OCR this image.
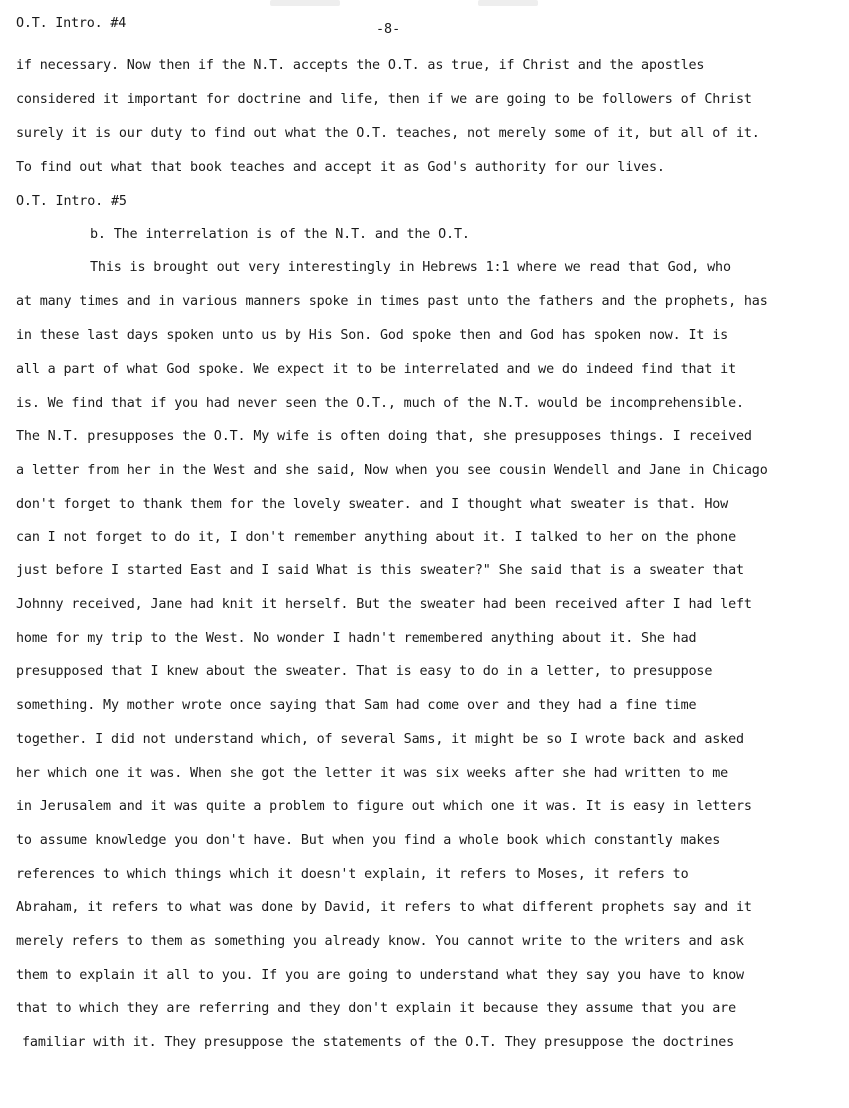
O.T. Intro. #4	-8-
if necessary. Now then if the N.T. accepts the O.T. as true, if Christ and the apostles
considered it important for doctrine and life, then if we are going to be followers of Christ
surely it is our duty to find out what the O.T. teaches, not merely some of it, but all of it.
To find out what that book teaches and accept it as God's authority for our lives.
O.T. Intro. #5
b. The interrelation is of the N.T. and the O.T.
This is brought out very interestingly in Hebrews 1:1 where we read that God, who
at many times and in various manners spoke in times past unto the fathers and the prophets, has
in these last days spoken unto us by His Son. God spoke then and God has spoken now. It is
all a part of what God spoke. We expect it to be interrelated and we do indeed find that it
is. We find that if you had never seen the O.T., much of the N.T. would be incomprehensible.
The N.T. presupposes the O.T. My wife is often doing that, she presupposes things. I received
a letter from her in the West and she said, Now when you see cousin Wendell and Jane in Chicago
don't forget to thank them for the lovely sweater. and I thought what sweater is that. How
can I not forget to do it, I don't remember anything about it. I talked to her on the phone
just before I started East and I said What is this sweater?" She said that is a sweater that
Johnny received, Jane had knit it herself. But the sweater had been received after I had left
home for my trip to the West. No wonder I hadn't remembered anything about it. She had
presupposed that I knew about the sweater. That is easy to do in a letter, to presuppose
something. My mother wrote once saying that Sam had come over and they had a fine time
together. I did not understand which, of several Sams, it might be so I wrote back and asked
her which one it was. When she got the letter it was six weeks after she had written to me
in Jerusalem and it was quite a problem to figure out which one it was. It is easy in letters
to assume knowledge you don't have. But when you find a whole book which constantly makes
references to which things which it doesn't explain, it refers to Moses, it refers to
Abraham, it refers to what was done by David, it refers to what different prophets say and it
merely refers to them as something you already know. You cannot write to the writers and ask
them to explain it all to you. If you are going to understand what they say you have to know
that to which they are referring and they don't explain it because they assume that you are
familiar with it. They presuppose the statements of the O.T. They presuppose the doctrines
